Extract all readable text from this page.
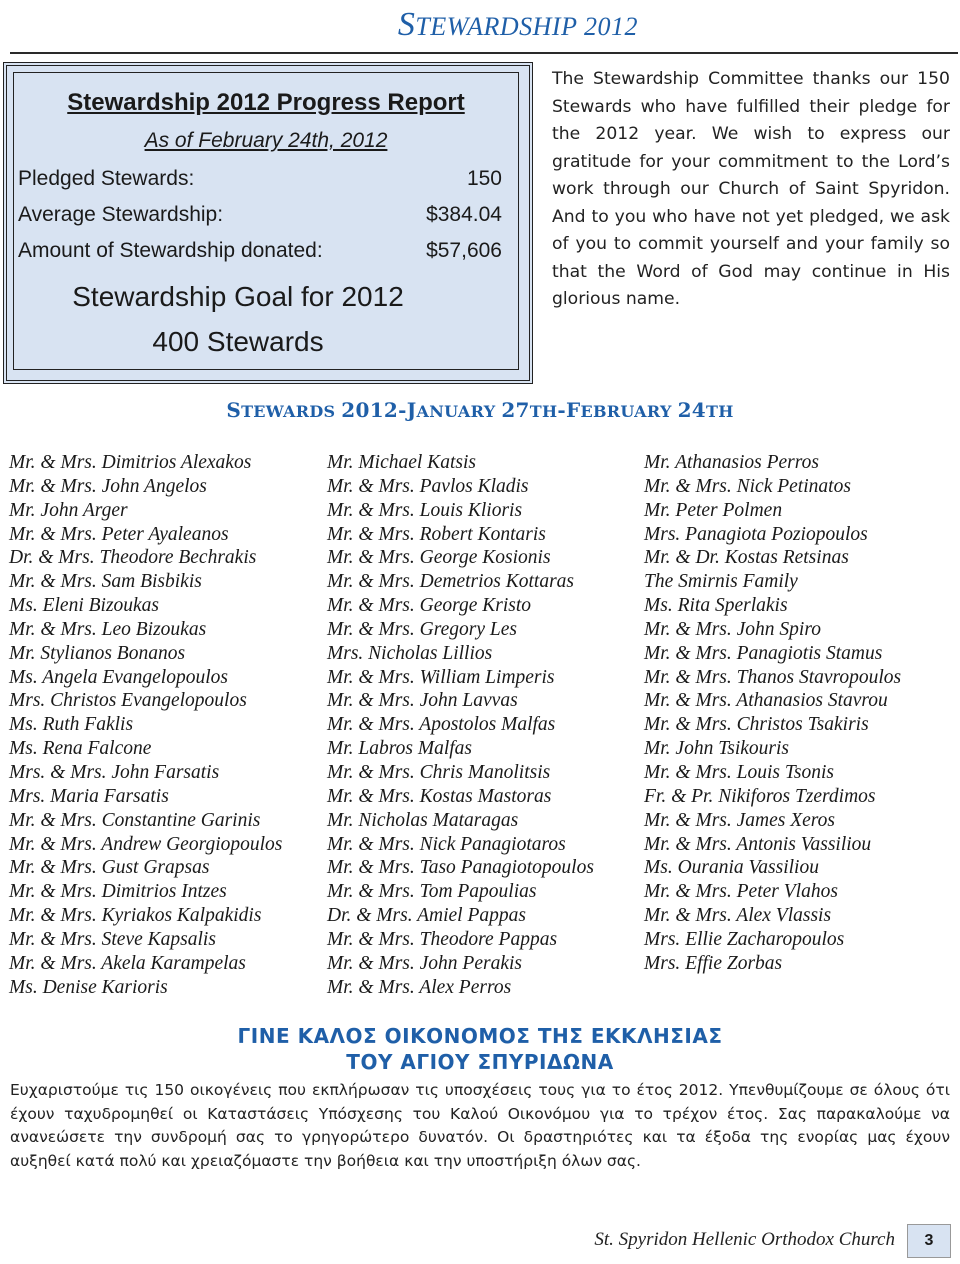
STEWARDSHIP 2012
Stewardship 2012 Progress Report
As of February 24th, 2012
Pledged Stewards:	150
Average Stewardship:	$384.04
Amount of Stewardship donated:	$57,606
Stewardship Goal for 2012
400 Stewards
The Stewardship Committee thanks our 150 Stewards who have fulfilled their pledge for the 2012 year. We wish to express our gratitude for your commitment to the Lord’s work through our Church of Saint Spyridon. And to you who have not yet pledged, we ask of you to commit yourself and your family so that the Word of God may continue in His glorious name.
STEWARDS 2012-JANUARY 27TH-FEBRUARY 24TH
Mr. & Mrs. Dimitrios Alexakos
Mr. & Mrs. John Angelos
Mr. John Arger
Mr. & Mrs. Peter Ayaleanos
Dr. & Mrs. Theodore Bechrakis
Mr. & Mrs. Sam Bisbikis
Ms. Eleni Bizoukas
Mr. & Mrs. Leo Bizoukas
Mr. Stylianos Bonanos
Ms. Angela Evangelopoulos
Mrs. Christos Evangelopoulos
Ms. Ruth Faklis
Ms. Rena Falcone
Mrs. & Mrs. John Farsatis
Mrs. Maria Farsatis
Mr. & Mrs. Constantine Garinis
Mr. & Mrs. Andrew Georgiopoulos
Mr. & Mrs. Gust Grapsas
Mr. & Mrs. Dimitrios Intzes
Mr. & Mrs. Kyriakos Kalpakidis
Mr. & Mrs. Steve Kapsalis
Mr. & Mrs. Akela Karampelas
Ms. Denise Karioris
Mr. Michael Katsis
Mr. & Mrs. Pavlos Kladis
Mr. & Mrs. Louis Klioris
Mr. & Mrs. Robert Kontaris
Mr. & Mrs. George Kosionis
Mr. & Mrs. Demetrios Kottaras
Mr. & Mrs. George Kristo
Mr. & Mrs. Gregory Les
Mrs. Nicholas Lillios
Mr. & Mrs. William Limperis
Mr. & Mrs. John Lavvas
Mr. & Mrs. Apostolos Malfas
Mr. Labros Malfas
Mr. & Mrs. Chris Manolitsis
Mr. & Mrs. Kostas Mastoras
Mr. Nicholas Mataragas
Mr. & Mrs. Nick Panagiotaros
Mr. & Mrs. Taso Panagiotopoulos
Mr. & Mrs. Tom Papoulias
Dr. & Mrs. Amiel Pappas
Mr. & Mrs. Theodore Pappas
Mr. & Mrs. John Perakis
Mr. & Mrs. Alex Perros
Mr. Athanasios Perros
Mr. & Mrs. Nick Petinatos
Mr. Peter Polmen
Mrs. Panagiota Poziopoulos
Mr. & Dr. Kostas Retsinas
The Smirnis Family
Ms. Rita Sperlakis
Mr. & Mrs. John Spiro
Mr. & Mrs. Panagiotis Stamus
Mr. & Mrs. Thanos Stavropoulos
Mr. & Mrs. Athanasios Stavrou
Mr. & Mrs. Christos Tsakiris
Mr. John Tsikouris
Mr. & Mrs. Louis Tsonis
Fr. & Pr. Nikiforos Tzerdimos
Mr. & Mrs. James Xeros
Mr. & Mrs. Antonis Vassiliou
Ms. Ourania Vassiliou
Mr. & Mrs. Peter Vlahos
Mr. & Mrs. Alex Vlassis
Mrs. Ellie Zacharopoulos
Mrs. Effie Zorbas
ΓΙΝΕ ΚΑΛΟΣ ΟΙΚΟΝΟΜΟΣ ΤΗΣ ΕΚΚΛΗΣΙΑΣ
ΤΟΥ ΑΓΙΟΥ ΣΠΥΡΙΔΩΝΑ
Ευχαριστούμε τις 150 οικογένεις που εκπλήρωσαν τις υποσχέσεις τους για το έτος 2012. Υπενθυμίζουμε σε όλους ότι έχουν ταχυδρομηθεί οι Καταστάσεις Υπόσχεσης του Καλού Οικονόμου για το τρέχον έτος. Σας παρακαλούμε να ανανεώσετε την συνδρομή σας το γρηγορώτερο δυνατόν. Οι δραστηριότες και τα έξοδα της ενορίας μας έχουν αυξηθεί κατά πολύ και χρειαζόμαστε την βοήθεια και την υποστήριξη όλων σας.
St. Spyridon Hellenic Orthodox Church	3
